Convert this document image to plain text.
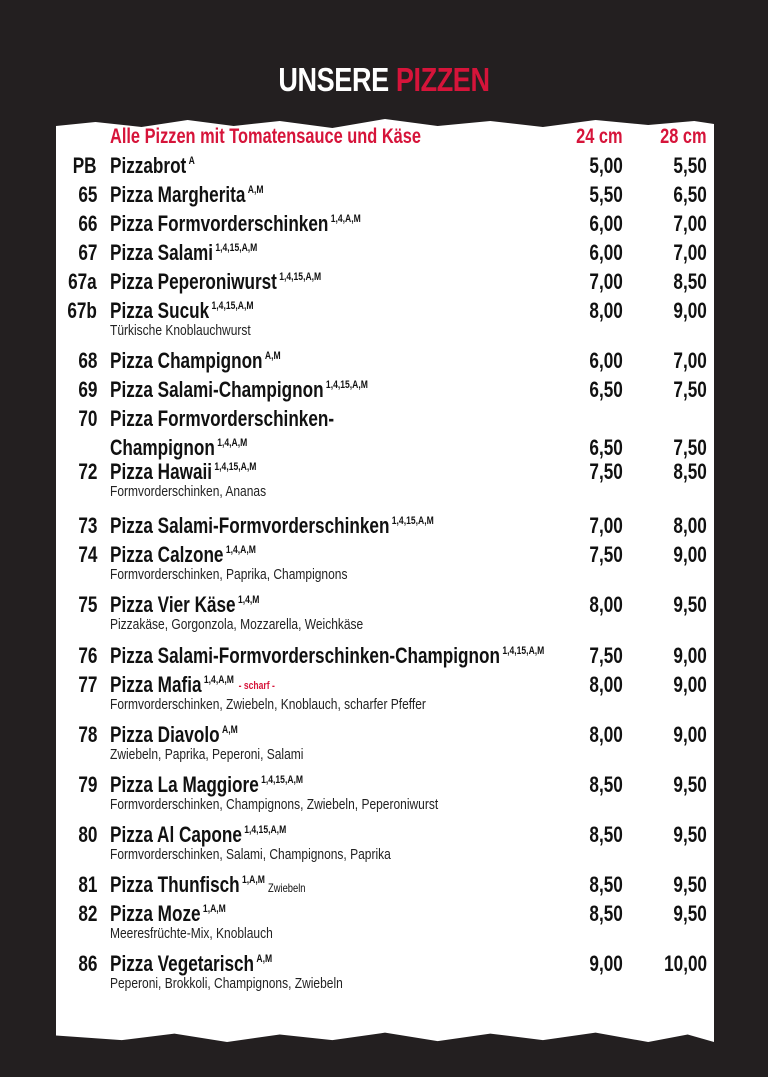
UNSERE PIZZEN
Alle Pizzen mit Tomatensauce und Käse	24 cm 28 cm
PB Pizzabrot $^A$	5,00 5,50
65 Pizza Margherita $^{A,M}$	5,50 6,50
66 Pizza Formvorderschinken $^{1,4,A,M}$	6,00 7,00
67 Pizza Salami $^{1,4,15,A,M}$	6,00 7,00
67a Pizza Peperoniwurst $^{1,4,15,A,M}$	7,00 8,50
67b Pizza Sucuk $^{1,4,15,A,M}$	8,00 9,00
Türkische Knoblauchwurst
68 Pizza Champignon $^{A,M}$	6,00 7,00
69 Pizza Salami-Champignon $^{1,4,15,A,M}$	6,50 7,50
70 Pizza Formvorderschinken-
Champignon $^{1,4,A,M}$	6,50 7,50
72 Pizza Hawaii $^{1,4,15,A,M}$	7,50 8,50
Formvorderschinken, Ananas
73 Pizza Salami-Formvorderschinken $^{1,4,15,A,M}$	7,00 8,00
74 Pizza Calzone $^{1,4,A,M}$	7,50 9,00
Formvorderschinken, Paprika, Champignons
75 Pizza Vier Käse $^{1,4,M}$	8,00 9,50
Pizzakäse, Gorgonzola, Mozzarella, Weichkäse
76 Pizza Salami-Formvorderschinken-Champignon $^{1,4,15,A,M}$ 7,50 9,00
77 Pizza Mafia $^{1,4,A,M}$ - scharf -	8,00 9,00
Formvorderschinken, Zwiebeln, Knoblauch, scharfer Pfeffer
78 Pizza Diavolo $^{A,M}$	8,00 9,00
Zwiebeln, Paprika, Peperoni, Salami
79 Pizza La Maggiore $^{1,4,15,A,M}$	8,50 9,50
Formvorderschinken, Champignons, Zwiebeln, Peperoniwurst
80 Pizza Al Capone $^{1,4,15,A,M}$	8,50 9,50
Formvorderschinken, Salami, Champignons, Paprika
81 Pizza Thunfisch $^{1,A,M}$Zwiebeln	8,50 9,50
82 Pizza Moze $^{1,A,M}$	8,50 9,50
Meeresfrüchte-Mix, Knoblauch
86 Pizza Vegetarisch $^{A,M}$	9,00 10,00
Peperoni, Brokkoli, Champignons, Zwiebeln
